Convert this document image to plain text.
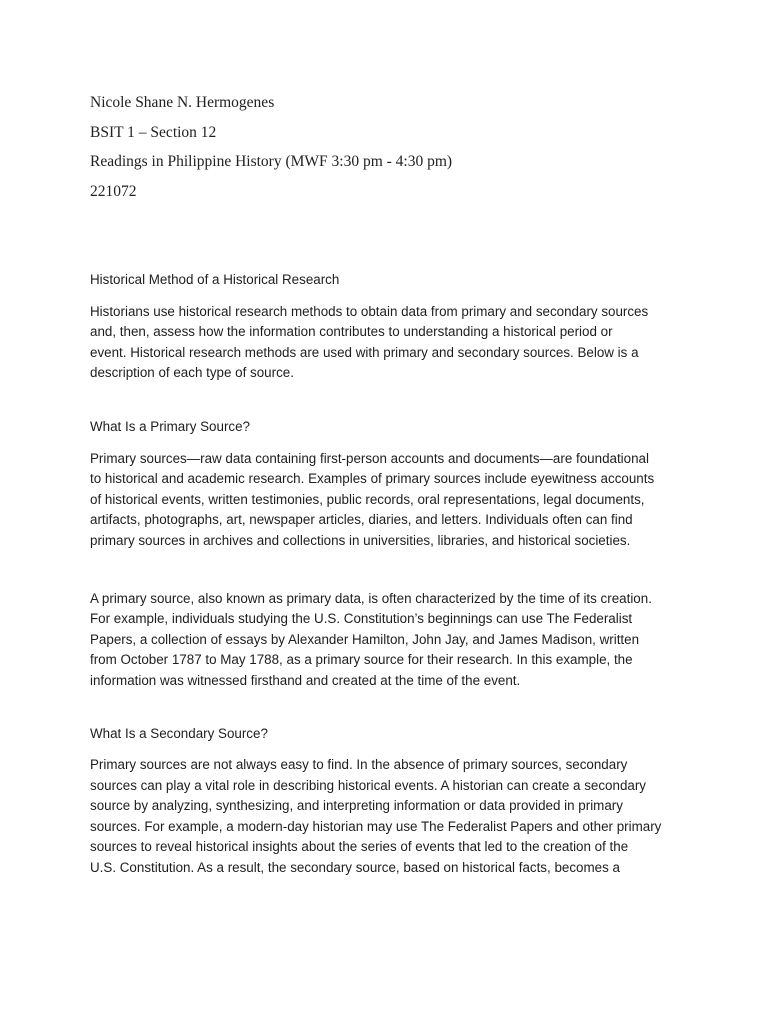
Nicole Shane N. Hermogenes
BSIT 1 – Section 12
Readings in Philippine History (MWF 3:30 pm - 4:30 pm)
221072
Historical Method of a Historical Research

Historians use historical research methods to obtain data from primary and secondary sources
and, then, assess how the information contributes to understanding a historical period or
event. Historical research methods are used with primary and secondary sources. Below is a
description of each type of source.

What Is a Primary Source?

Primary sources—raw data containing first-person accounts and documents—are foundational
to historical and academic research. Examples of primary sources include eyewitness accounts
of historical events, written testimonies, public records, oral representations, legal documents,
artifacts, photographs, art, newspaper articles, diaries, and letters. Individuals often can find
primary sources in archives and collections in universities, libraries, and historical societies.

A primary source, also known as primary data, is often characterized by the time of its creation.
For example, individuals studying the U.S. Constitution’s beginnings can use The Federalist
Papers, a collection of essays by Alexander Hamilton, John Jay, and James Madison, written
from October 1787 to May 1788, as a primary source for their research. In this example, the
information was witnessed firsthand and created at the time of the event.

What Is a Secondary Source?

Primary sources are not always easy to find. In the absence of primary sources, secondary
sources can play a vital role in describing historical events. A historian can create a secondary
source by analyzing, synthesizing, and interpreting information or data provided in primary
sources. For example, a modern-day historian may use The Federalist Papers and other primary
sources to reveal historical insights about the series of events that led to the creation of the
U.S. Constitution. As a result, the secondary source, based on historical facts, becomes a
